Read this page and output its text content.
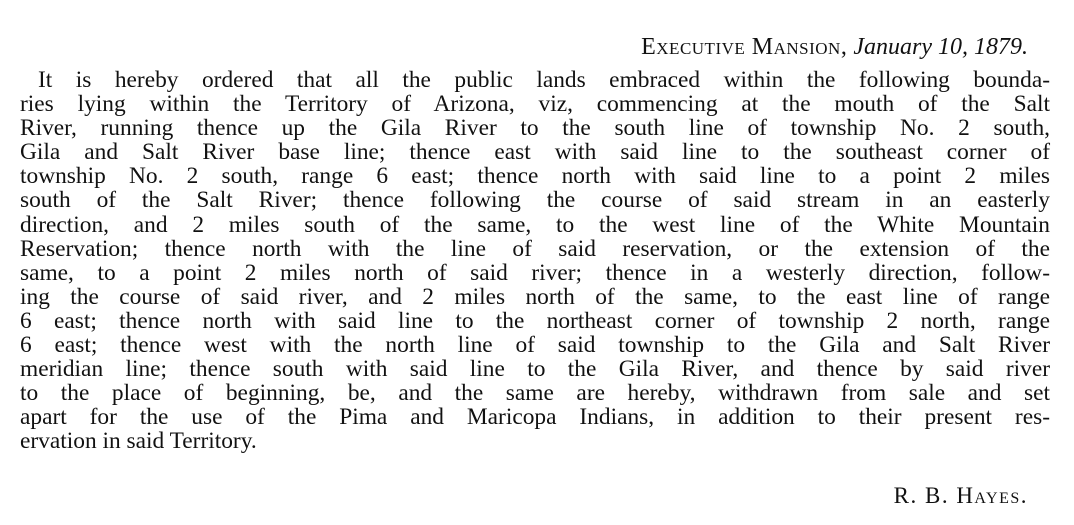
Executive Mansion, January 10, 1879.
It is hereby ordered that all the public lands embraced within the following bounda-
ries lying within the Territory of Arizona, viz, commencing at the mouth of the Salt
River, running thence up the Gila River to the south line of township No. 2 south,
Gila and Salt River base line; thence east with said line to the southeast corner of
township No. 2 south, range 6 east; thence north with said line to a point 2 miles
south of the Salt River; thence following the course of said stream in an easterly
direction, and 2 miles south of the same, to the west line of the White Mountain
Reservation; thence north with the line of said reservation, or the extension of the
same, to a point 2 miles north of said river; thence in a westerly direction, follow-
ing the course of said river, and 2 miles north of the same, to the east line of range
6 east; thence north with said line to the northeast corner of township 2 north, range
6 east; thence west with the north line of said township to the Gila and Salt River
meridian line; thence south with said line to the Gila River, and thence by said river
to the place of beginning, be, and the same are hereby, withdrawn from sale and set
apart for the use of the Pima and Maricopa Indians, in addition to their present res-
ervation in said Territory.
R. B. Hayes.
